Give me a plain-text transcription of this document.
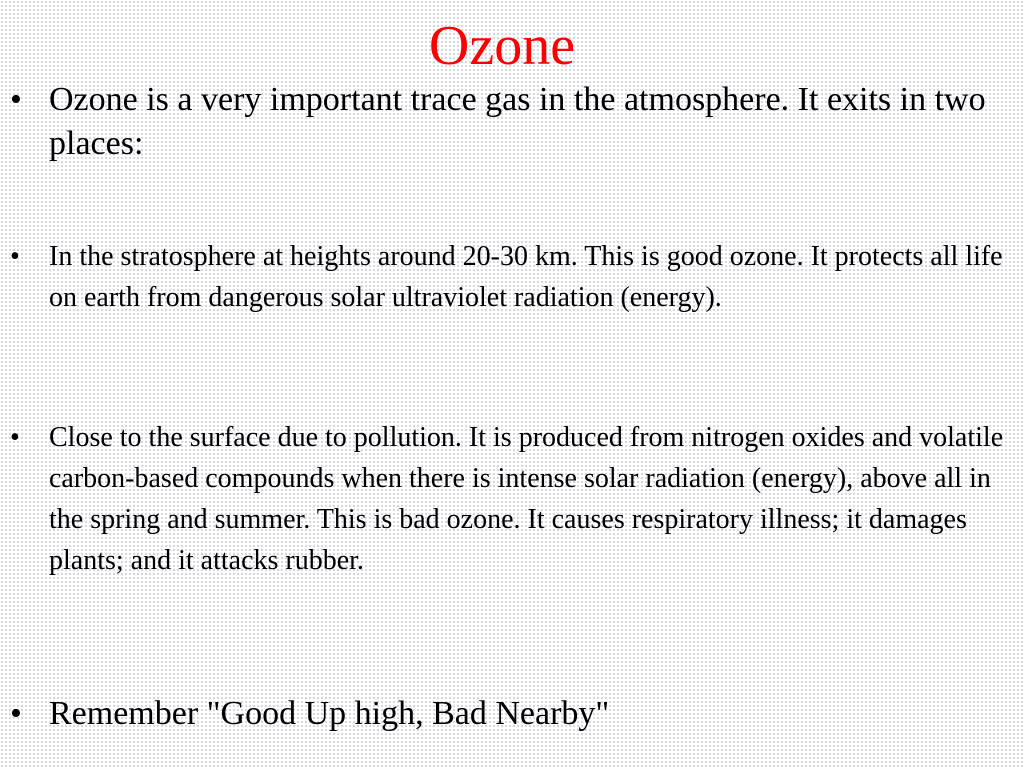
Ozone
• Ozone is a very important trace gas in the atmosphere. It exits in two places:
• In the stratosphere at heights around 20-30 km. This is good ozone. It protects all life on earth from dangerous solar ultraviolet radiation (energy).
• Close to the surface due to pollution. It is produced from nitrogen oxides and volatile carbon-based compounds when there is intense solar radiation (energy), above all in the spring and summer. This is bad ozone. It causes respiratory illness; it damages plants; and it attacks rubber.
• Remember "Good Up high, Bad Nearby"
